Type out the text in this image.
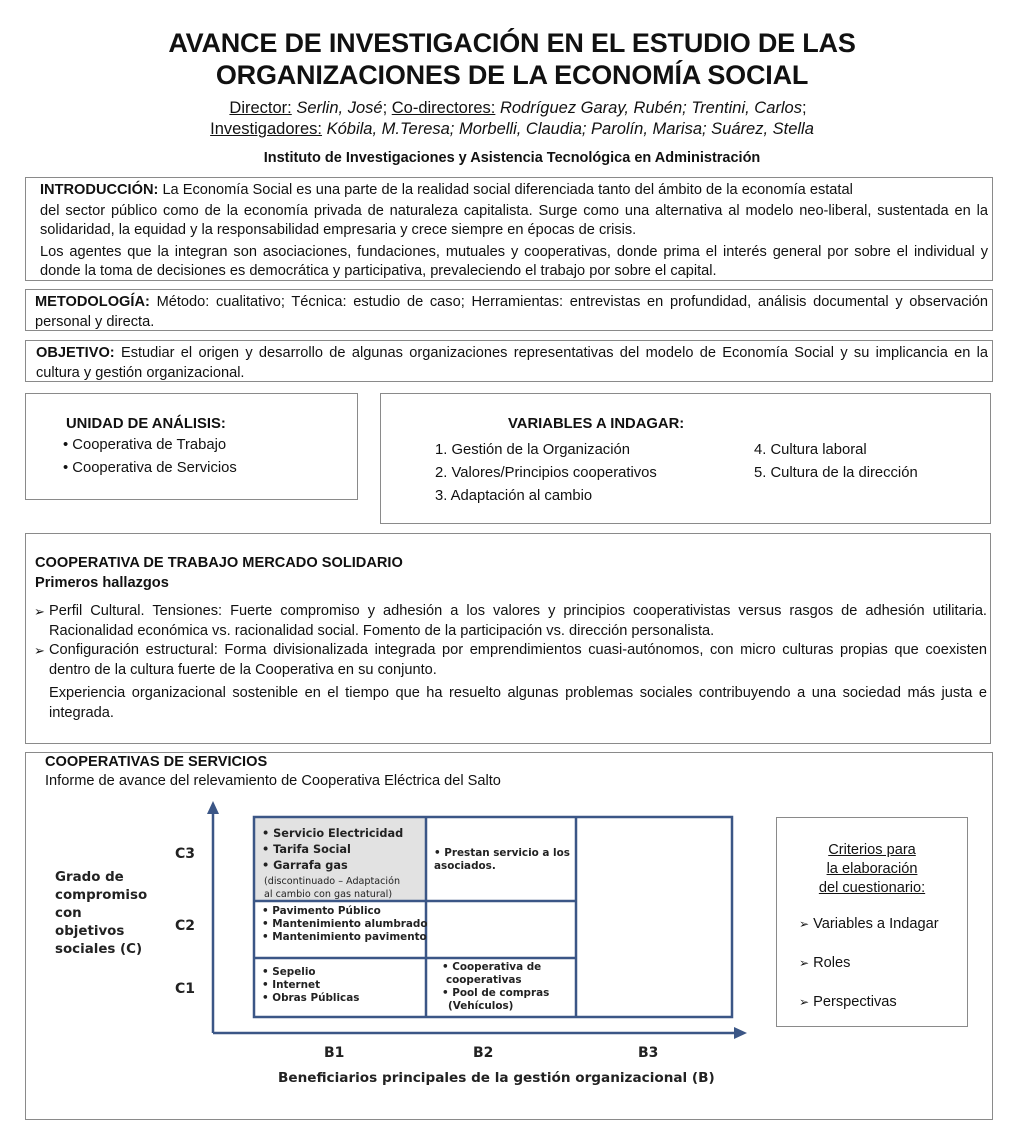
AVANCE DE INVESTIGACIÓN EN EL ESTUDIO DE LAS
ORGANIZACIONES DE LA ECONOMÍA SOCIAL
Director: Serlin, José; Co-directores: Rodríguez Garay, Rubén; Trentini, Carlos;
Investigadores: Kóbila, M.Teresa; Morbelli, Claudia; Parolín, Marisa; Suárez, Stella
Instituto de Investigaciones y Asistencia Tecnológica en Administración
INTRODUCCIÓN: La Economía Social es una parte de la realidad social diferenciada tanto del ámbito de la economía estatal
del sector público como de la economía privada de naturaleza capitalista. Surge como una alternativa al modelo neo-liberal, sustentada en la solidaridad, la equidad y la responsabilidad empresaria y crece siempre en épocas de crisis.
Los agentes que la integran son asociaciones, fundaciones, mutuales y cooperativas, donde prima el interés general por sobre el individual y donde la toma de decisiones es democrática y participativa, prevaleciendo el trabajo por sobre el capital.
METODOLOGÍA: Método: cualitativo; Técnica: estudio de caso; Herramientas: entrevistas en profundidad, análisis documental y observación personal y directa.
OBJETIVO: Estudiar el origen y desarrollo de algunas organizaciones representativas del modelo de Economía Social y su implicancia en la cultura y gestión organizacional.
UNIDAD DE ANÁLISIS:
• Cooperativa de Trabajo
• Cooperativa de Servicios
VARIABLES A INDAGAR:
1. Gestión de la Organización
2. Valores/Principios cooperativos
3. Adaptación al cambio
4. Cultura laboral
5. Cultura de la dirección
COOPERATIVA DE TRABAJO MERCADO SOLIDARIO
Primeros hallazgos
➢ Perfil Cultural. Tensiones: Fuerte compromiso y adhesión a los valores y principios cooperativistas versus rasgos de adhesión utilitaria. Racionalidad económica vs. racionalidad social. Fomento de la participación vs. dirección personalista.
➢ Configuración estructural: Forma divisionalizada integrada por emprendimientos cuasi-autónomos, con micro culturas propias que coexisten dentro de la cultura fuerte de la Cooperativa en su conjunto.
Experiencia organizacional sostenible en el tiempo que ha resuelto algunas problemas sociales contribuyendo a una sociedad más justa e integrada.
COOPERATIVAS DE SERVICIOS
Informe de avance del relevamiento de Cooperativa Eléctrica del Salto
Grado de
compromiso
con
objetivos
sociales (C)
C3
C2
C1
B1	B2	B3
Beneficiarios principales de la gestión organizacional (B)
• Servicio Electricidad
• Tarifa Social
• Garrafa gas
(discontinuado – Adaptación
al cambio con gas natural)
• Prestan servicio a los
asociados.
• Pavimento Público
• Mantenimiento alumbrado
• Mantenimiento pavimento
• Sepelio
• Internet
• Obras Públicas
• Cooperativa de
cooperativas
• Pool de compras
(Vehículos)
Criterios para
la elaboración
del cuestionario:
➢ Variables a Indagar
➢ Roles
➢ Perspectivas
